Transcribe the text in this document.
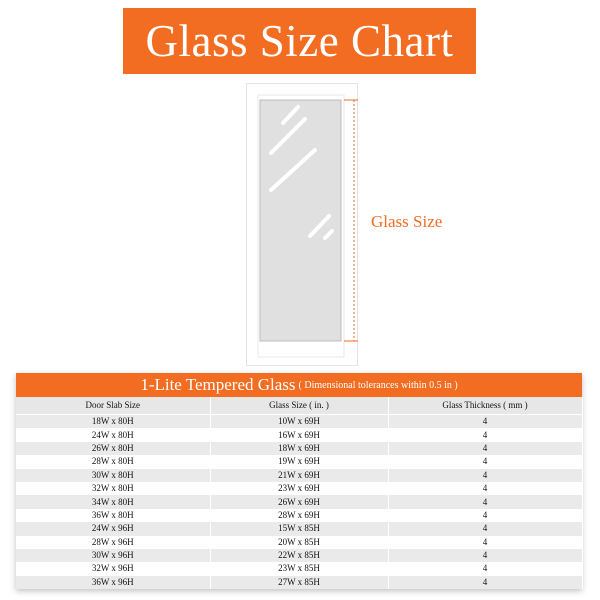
Glass Size Chart
Glass Size
1-Lite Tempered Glass ( Dimensional tolerances within 0.5 in )
Door Slab Size	Glass Size ( in. )	Glass Thickness ( mm )
18W x 80H	10W x 69H	4
24W x 80H	16W x 69H	4
26W x 80H	18W x 69H	4
28W x 80H	19W x 69H	4
30W x 80H	21W x 69H	4
32W x 80H	23W x 69H	4
34W x 80H	26W x 69H	4
36W x 80H	28W x 69H	4
24W x 96H	15W x 85H	4
28W x 96H	20W x 85H	4
30W x 96H	22W x 85H	4
32W x 96H	23W x 85H	4
36W x 96H	27W x 85H	4
